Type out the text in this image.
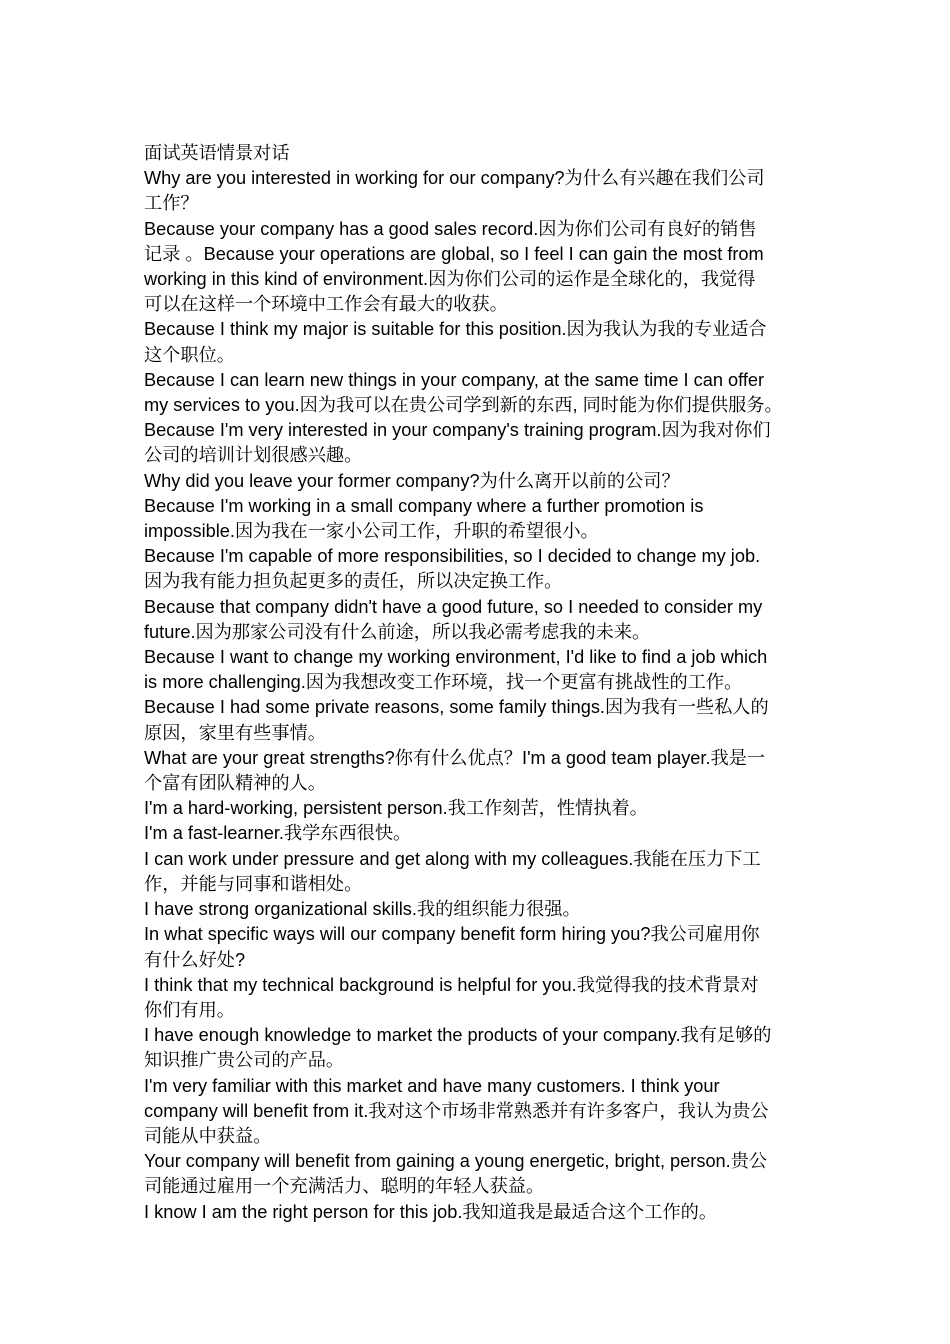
面试英语情景对话
Why are you interested in working for our company?为什么有兴趣在我们公司
工作？
Because your company has a good sales record.因为你们公司有良好的销售
记录 。Because your operations are global, so I feel I can gain the most from
working in this kind of environment.因为你们公司的运作是全球化的，我觉得
可以在这样一个环境中工作会有最大的收获。
Because I think my major is suitable for this position.因为我认为我的专业适合
这个职位。
Because I can learn new things in your company, at the same time I can offer
my services to you.因为我可以在贵公司学到新的东西, 同时能为你们提供服务。
Because I'm very interested in your company's training program.因为我对你们
公司的培训计划很感兴趣。
Why did you leave your former company?为什么离开以前的公司？
Because I'm working in a small company where a further promotion is
impossible.因为我在一家小公司工作，升职的希望很小。
Because I'm capable of more responsibilities, so I decided to change my job.
因为我有能力担负起更多的责任，所以决定换工作。
Because that company didn't have a good future, so I needed to consider my
future.因为那家公司没有什么前途，所以我必需考虑我的未来。
Because I want to change my working environment, I'd like to find a job which
is more challenging.因为我想改变工作环境，找一个更富有挑战性的工作。
Because I had some private reasons, some family things.因为我有一些私人的
原因，家里有些事情。
What are your great strengths?你有什么优点？I'm a good team player.我是一
个富有团队精神的人。
I'm a hard-working, persistent person.我工作刻苦，性情执着。
I'm a fast-learner.我学东西很快。
I can work under pressure and get along with my colleagues.我能在压力下工
作，并能与同事和谐相处。
I have strong organizational skills.我的组织能力很强。
In what specific ways will our company benefit form hiring you?我公司雇用你
有什么好处?
I think that my technical background is helpful for you.我觉得我的技术背景对
你们有用。
I have enough knowledge to market the products of your company.我有足够的
知识推广贵公司的产品。
I'm very familiar with this market and have many customers. I think your
company will benefit from it.我对这个市场非常熟悉并有许多客户，我认为贵公
司能从中获益。
Your company will benefit from gaining a young energetic, bright, person.贵公
司能通过雇用一个充满活力、聪明的年轻人获益。
I know I am the right person for this job.我知道我是最适合这个工作的。
